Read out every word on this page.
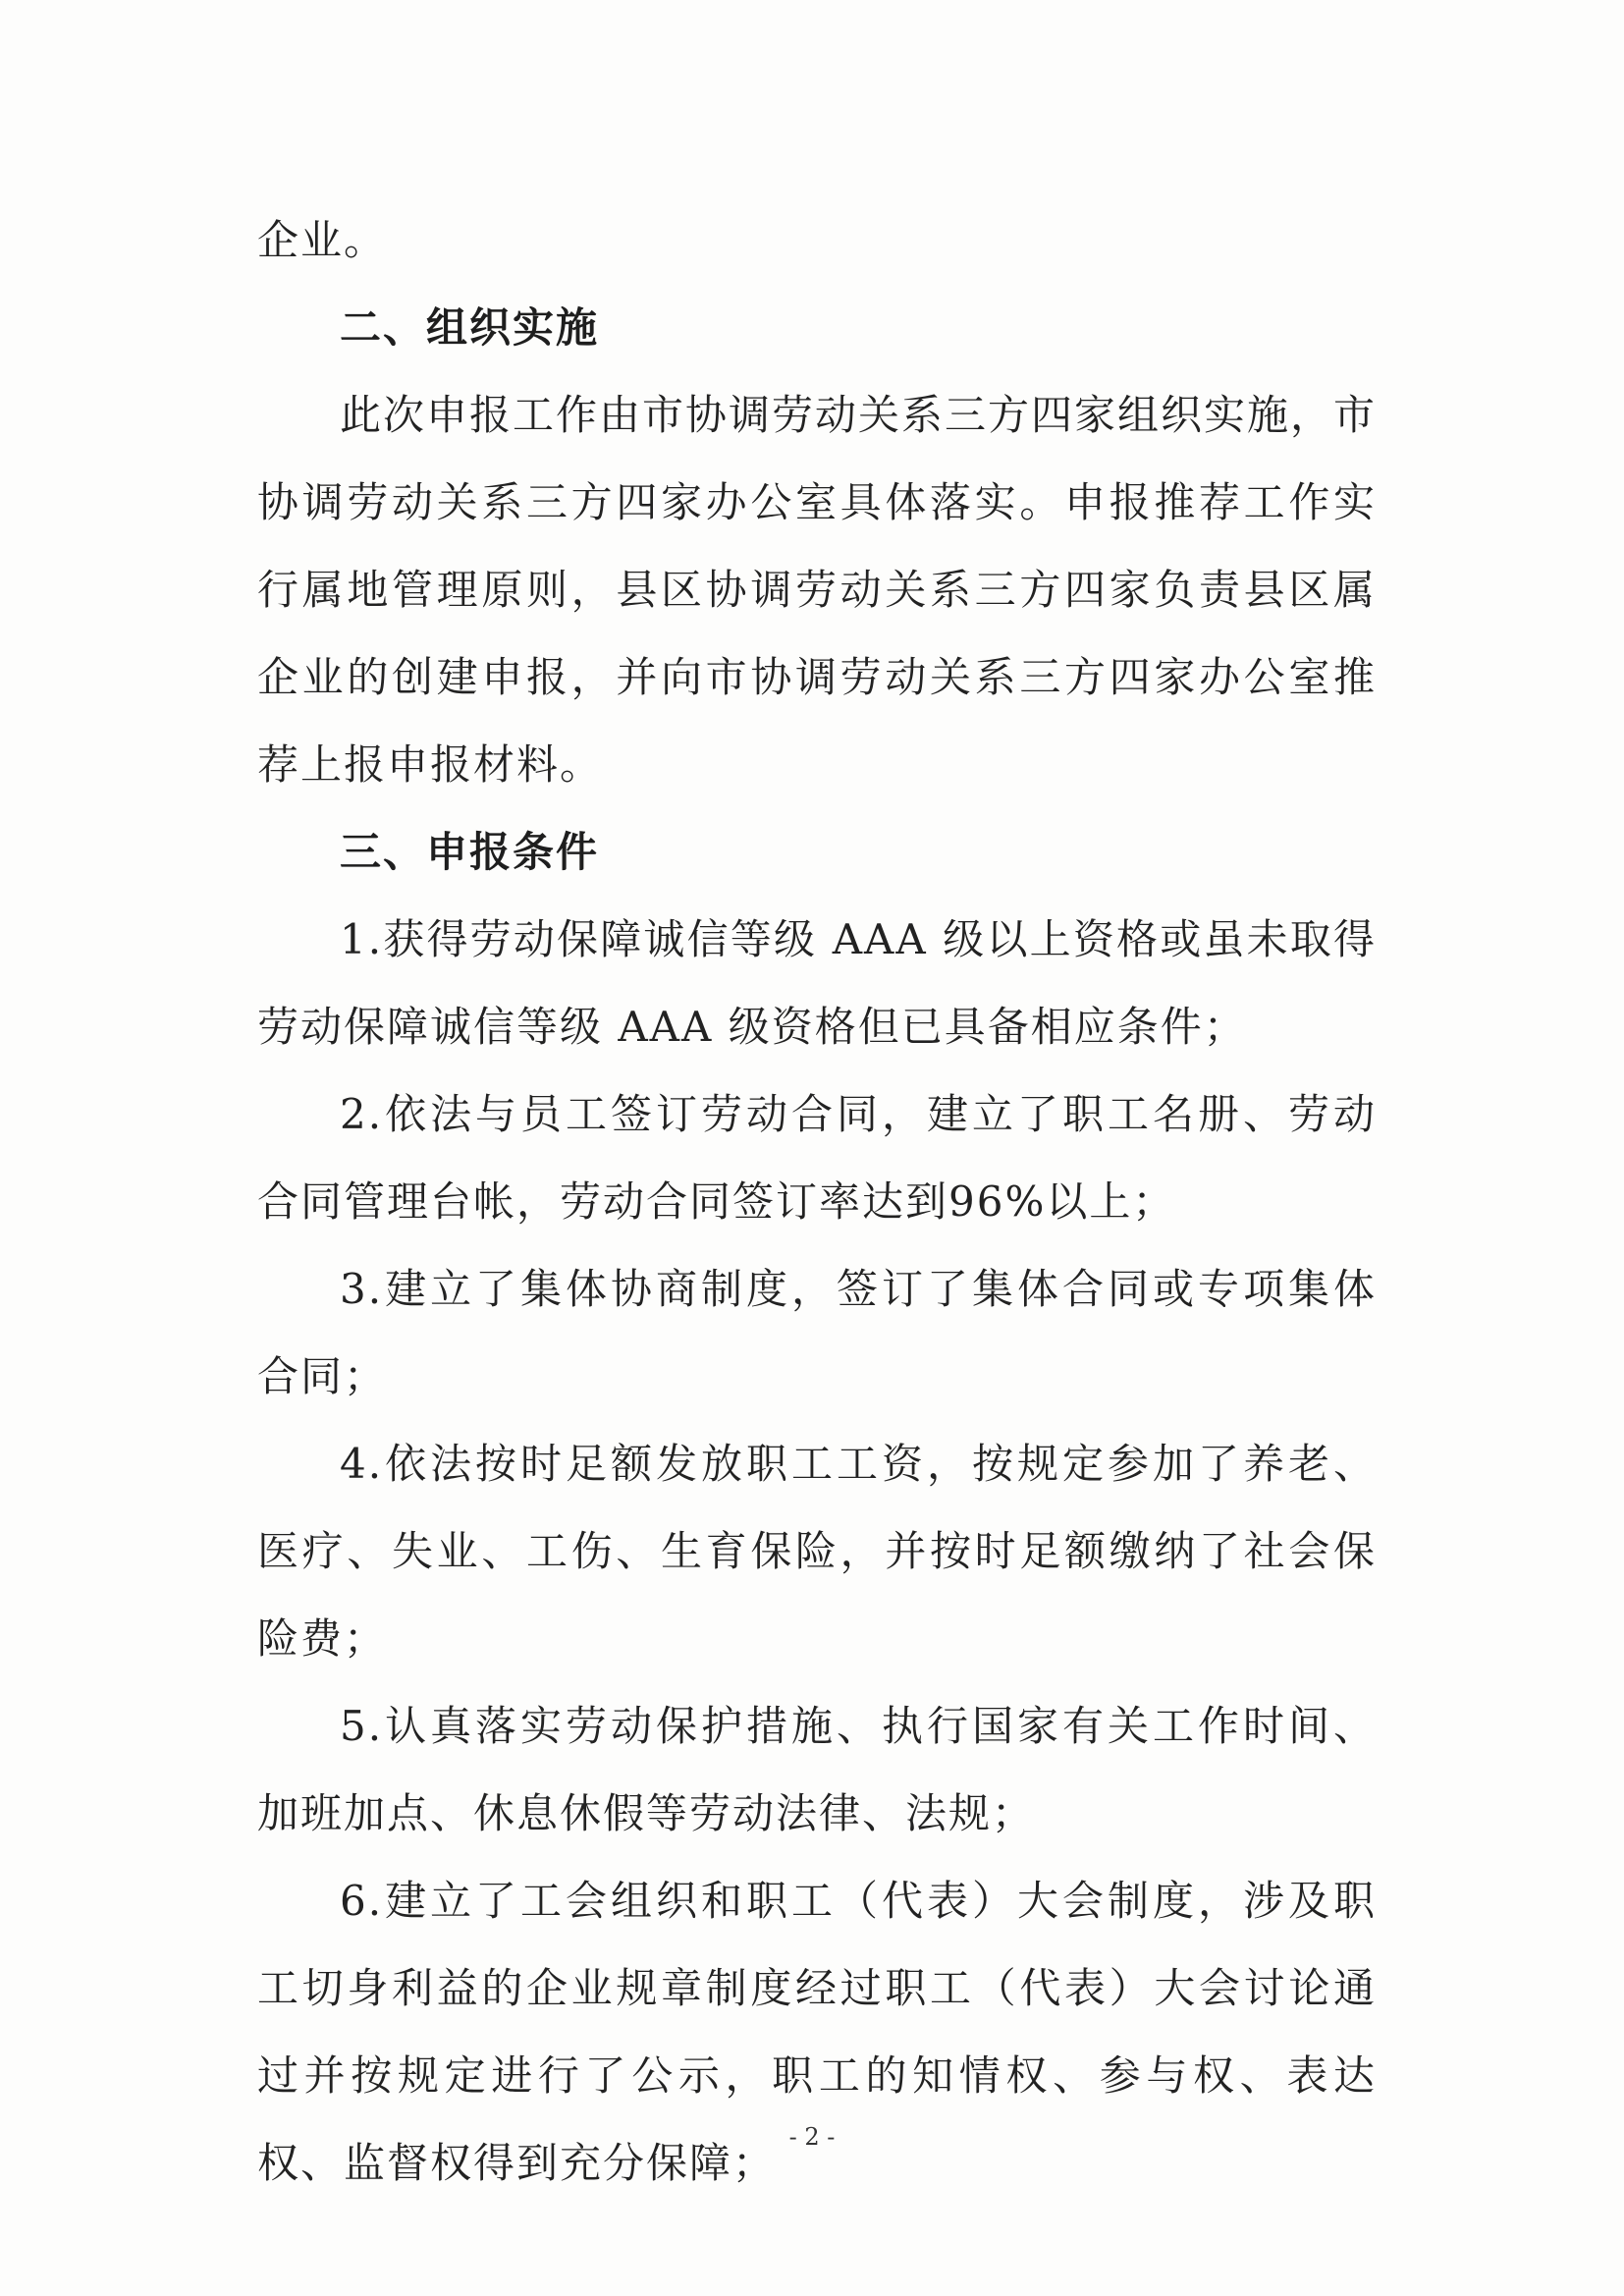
企业。

二、组织实施

此次申报工作由市协调劳动关系三方四家组织实施，市协调劳动关系三方四家办公室具体落实。申报推荐工作实行属地管理原则，县区协调劳动关系三方四家负责县区属企业的创建申报，并向市协调劳动关系三方四家办公室推荐上报申报材料。

三、申报条件

1.获得劳动保障诚信等级 AAA 级以上资格或虽未取得劳动保障诚信等级 AAA 级资格但已具备相应条件；

2.依法与员工签订劳动合同，建立了职工名册、劳动合同管理台帐，劳动合同签订率达到96%以上；

3.建立了集体协商制度，签订了集体合同或专项集体合同；

4.依法按时足额发放职工工资，按规定参加了养老、医疗、失业、工伤、生育保险，并按时足额缴纳了社会保险费；

5.认真落实劳动保护措施、执行国家有关工作时间、加班加点、休息休假等劳动法律、法规；

6.建立了工会组织和职工（代表）大会制度，涉及职工切身利益的企业规章制度经过职工（代表）大会讨论通过并按规定进行了公示，职工的知情权、参与权、表达权、监督权得到充分保障；

- 2 -
